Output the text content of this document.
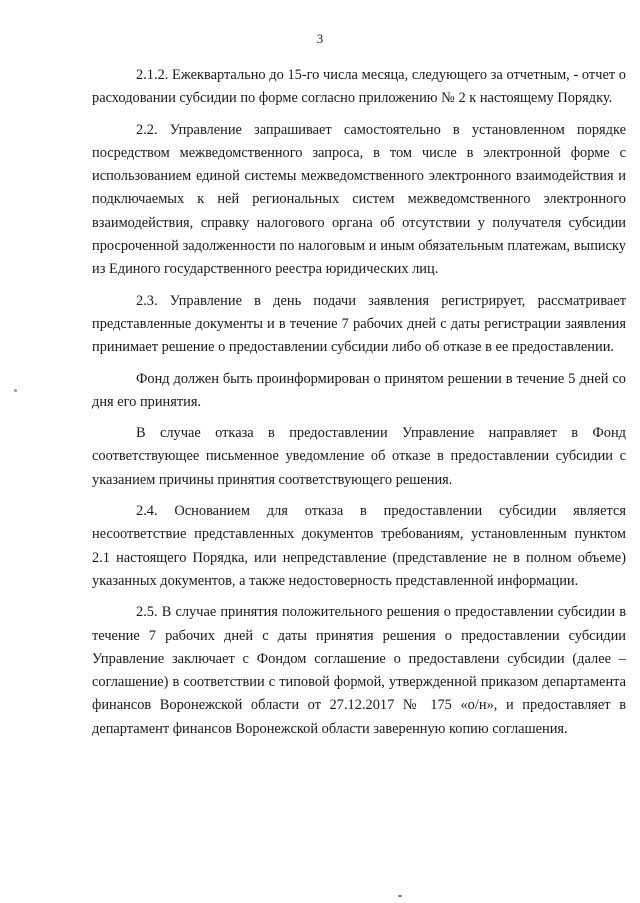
3

2.1.2. Ежеквартально до 15-го числа месяца, следующего за отчетным, - отчет о расходовании субсидии по форме согласно приложению № 2 к настоящему Порядку.

2.2. Управление запрашивает самостоятельно в установленном порядке посредством межведомственного запроса, в том числе в электронной форме с использованием единой системы межведомственного электронного взаимодействия и подключаемых к ней региональных систем межведомственного электронного взаимодействия, справку налогового органа об отсутствии у получателя субсидии просроченной задолженности по налоговым и иным обязательным платежам, выписку из Единого государственного реестра юридических лиц.

2.3. Управление в день подачи заявления регистрирует, рассматривает представленные документы и в течение 7 рабочих дней с даты регистрации заявления принимает решение о предоставлении субсидии либо об отказе в ее предоставлении.

Фонд должен быть проинформирован о принятом решении в течение 5 дней со дня его принятия.

В случае отказа в предоставлении Управление направляет в Фонд соответствующее письменное уведомление об отказе в предоставлении субсидии с указанием причины принятия соответствующего решения.

2.4. Основанием для отказа в предоставлении субсидии является несоответствие представленных документов требованиям, установленным пунктом 2.1 настоящего Порядка, или непредставление (представление не в полном объеме) указанных документов, а также недостоверность представленной информации.

2.5. В случае принятия положительного решения о предоставлении субсидии в течение 7 рабочих дней с даты принятия решения о предоставлении субсидии Управление заключает с Фондом соглашение о предоставлени субсидии (далее – соглашение) в соответствии с типовой формой, утвержденной приказом департамента финансов Воронежской области от 27.12.2017 № 175 «о/н», и предоставляет в департамент финансов Воронежской области заверенную копию соглашения.
